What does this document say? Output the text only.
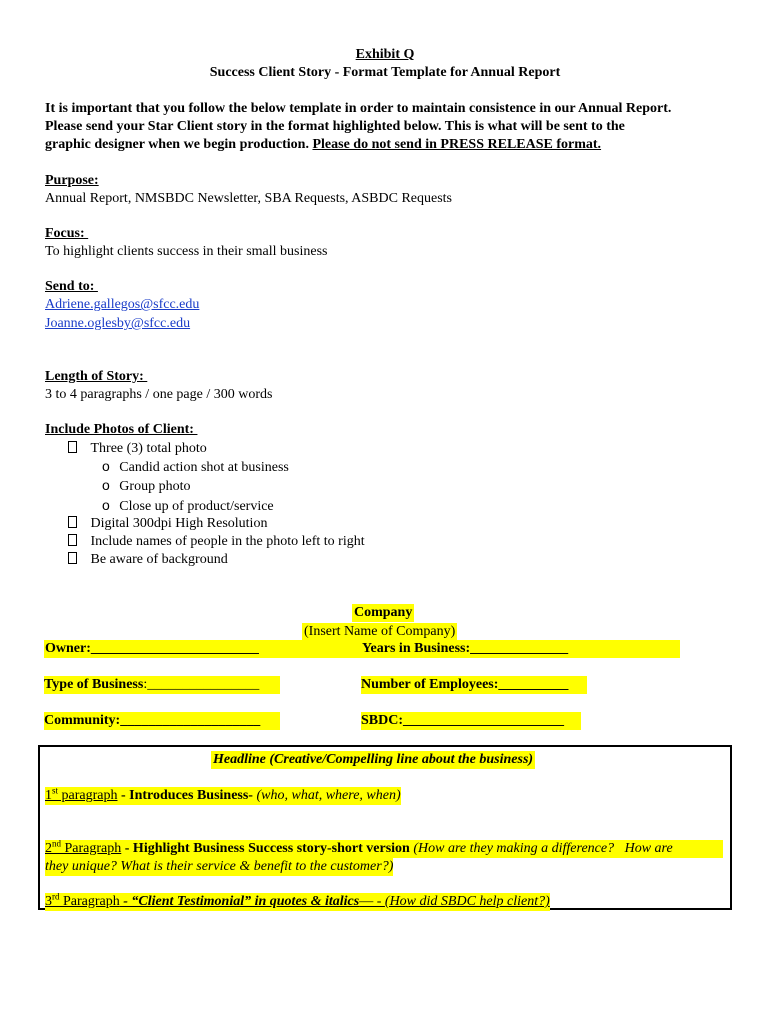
Exhibit Q
Success Client Story - Format Template for Annual Report
It is important that you follow the below template in order to maintain consistence in our Annual Report.
Please send your Star Client story in the format highlighted below. This is what will be sent to the
graphic designer when we begin production. Please do not send in PRESS RELEASE format.
Purpose:
Annual Report, NMSBDC Newsletter, SBA Requests, ASBDC Requests
Focus:
To highlight clients success in their small business
Send to:
Adriene.gallegos@sfcc.edu
Joanne.oglesby@sfcc.edu
Length of Story:
3 to 4 paragraphs / one page / 300 words
Include Photos of Client:
Three (3) total photo
o Candid action shot at business
o Group photo
o Close up of product/service
Digital 300dpi High Resolution
Include names of people in the photo left to right
Be aware of background
Company
(Insert Name of Company)
Owner:________________________	Years in Business:______________
Type of Business:________________	Number of Employees:__________
Community:____________________	SBDC:_______________________
Headline (Creative/Compelling line about the business)
1st paragraph - Introduces Business- (who, what, where, when)
2nd Paragraph - Highlight Business Success story-short version (How are they making a difference?   How are
they unique? What is their service & benefit to the customer?)
3rd Paragraph - “Client Testimonial” in quotes & italics— - (How did SBDC help client?)
